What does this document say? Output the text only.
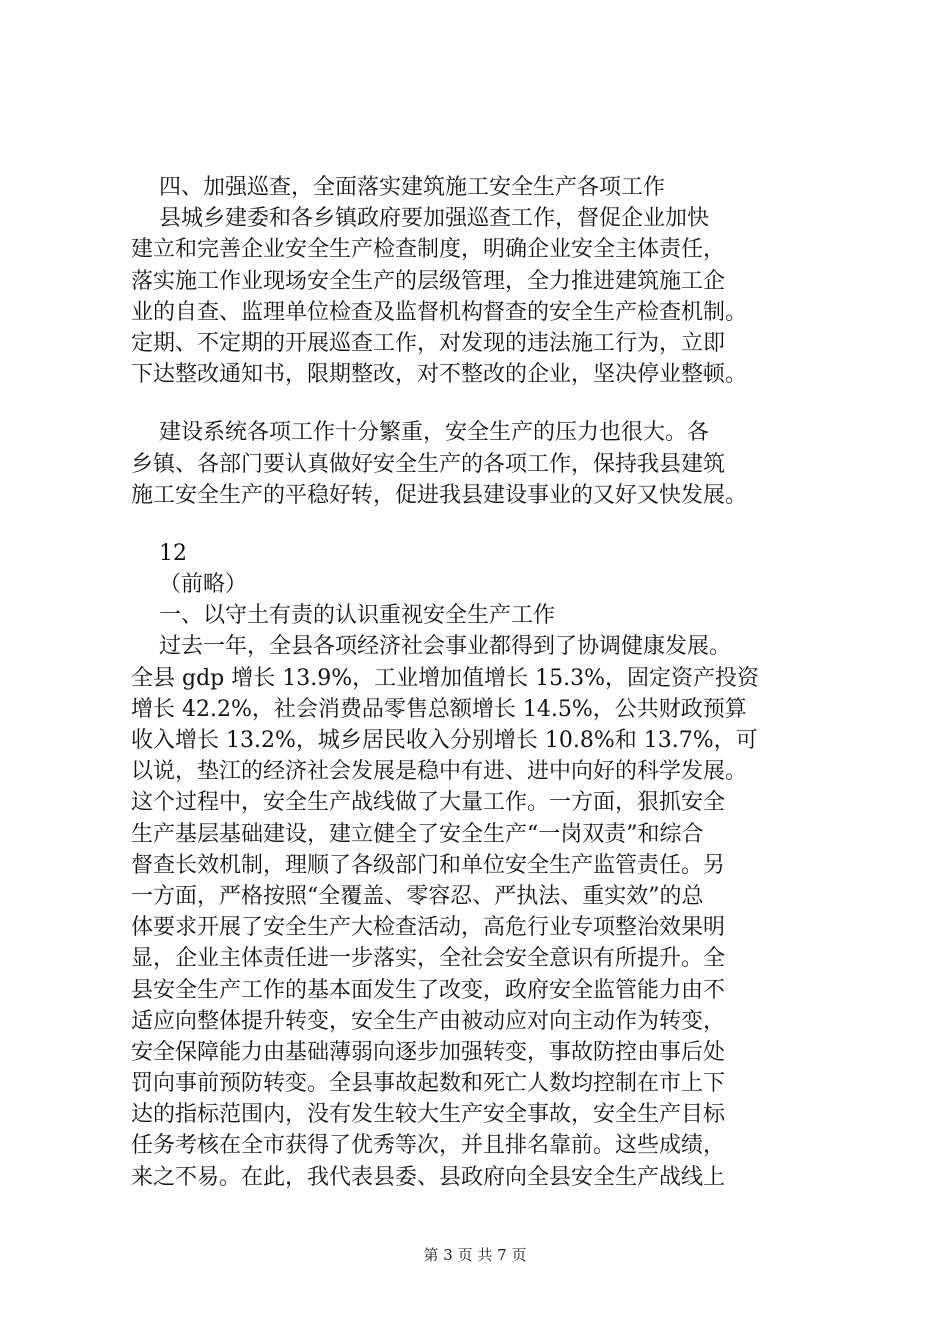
四、加强巡查，全面落实建筑施工安全生产各项工作
县城乡建委和各乡镇政府要加强巡查工作，督促企业加快
建立和完善企业安全生产检查制度，明确企业安全主体责任，
落实施工作业现场安全生产的层级管理，全力推进建筑施工企
业的自查、监理单位检查及监督机构督查的安全生产检查机制。
定期、不定期的开展巡查工作，对发现的违法施工行为，立即
下达整改通知书，限期整改，对不整改的企业，坚决停业整顿。
建设系统各项工作十分繁重，安全生产的压力也很大。各
乡镇、各部门要认真做好安全生产的各项工作，保持我县建筑
施工安全生产的平稳好转，促进我县建设事业的又好又快发展。
12
（前略）
一、以守土有责的认识重视安全生产工作
过去一年，全县各项经济社会事业都得到了协调健康发展。
全县 gdp 增长 13.9%，工业增加值增长 15.3%，固定资产投资
增长 42.2%，社会消费品零售总额增长 14.5%，公共财政预算
收入增长 13.2%，城乡居民收入分别增长 10.8%和 13.7%，可
以说，垫江的经济社会发展是稳中有进、进中向好的科学发展。
这个过程中，安全生产战线做了大量工作。一方面，狠抓安全
生产基层基础建设，建立健全了安全生产“一岗双责”和综合
督查长效机制，理顺了各级部门和单位安全生产监管责任。另
一方面，严格按照“全覆盖、零容忍、严执法、重实效”的总
体要求开展了安全生产大检查活动，高危行业专项整治效果明
显，企业主体责任进一步落实，全社会安全意识有所提升。全
县安全生产工作的基本面发生了改变，政府安全监管能力由不
适应向整体提升转变，安全生产由被动应对向主动作为转变，
安全保障能力由基础薄弱向逐步加强转变，事故防控由事后处
罚向事前预防转变。全县事故起数和死亡人数均控制在市上下
达的指标范围内，没有发生较大生产安全事故，安全生产目标
任务考核在全市获得了优秀等次，并且排名靠前。这些成绩，
来之不易。在此，我代表县委、县政府向全县安全生产战线上
第 3 页 共 7 页
